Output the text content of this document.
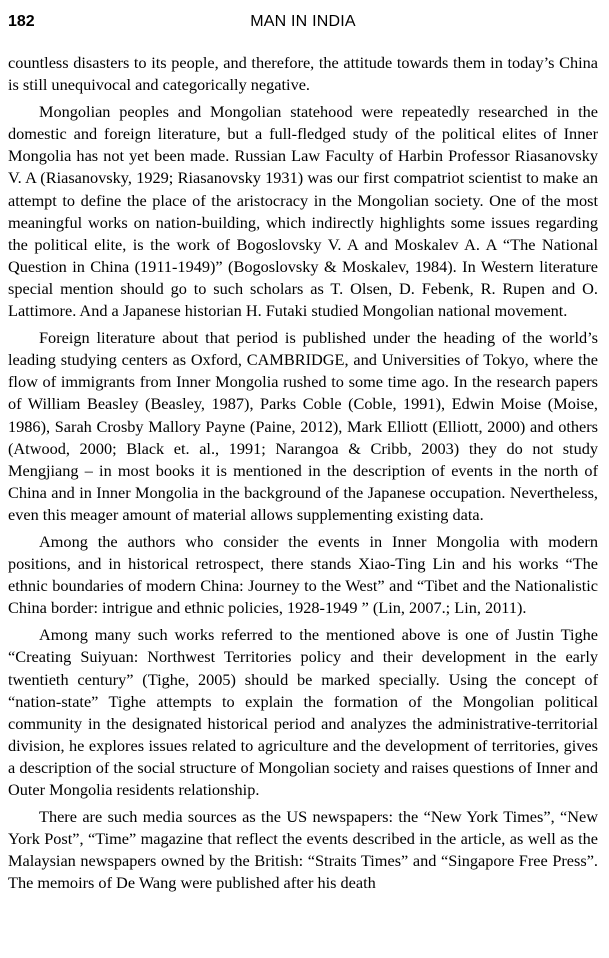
182	MAN IN INDIA

countless disasters to its people, and therefore, the attitude towards them in today’s China is still unequivocal and categorically negative.

Mongolian peoples and Mongolian statehood were repeatedly researched in the domestic and foreign literature, but a full-fledged study of the political elites of Inner Mongolia has not yet been made. Russian Law Faculty of Harbin Professor Riasanovsky V. A (Riasanovsky, 1929; Riasanovsky 1931) was our first compatriot scientist to make an attempt to define the place of the aristocracy in the Mongolian society. One of the most meaningful works on nation-building, which indirectly highlights some issues regarding the political elite, is the work of Bogoslovsky V. A and Moskalev A. A “The National Question in China (1911-1949)” (Bogoslovsky & Moskalev, 1984). In Western literature special mention should go to such scholars as T. Olsen, D. Febenk, R. Rupen and O. Lattimore. And a Japanese historian H. Futaki studied Mongolian national movement.

Foreign literature about that period is published under the heading of the world’s leading studying centers as Oxford, CAMBRIDGE, and Universities of Tokyo, where the flow of immigrants from Inner Mongolia rushed to some time ago. In the research papers of William Beasley (Beasley, 1987), Parks Coble (Coble, 1991), Edwin Moise (Moise, 1986), Sarah Crosby Mallory Payne (Paine, 2012), Mark Elliott (Elliott, 2000) and others (Atwood, 2000; Black et. al., 1991; Narangoa & Cribb, 2003) they do not study Mengjiang – in most books it is mentioned in the description of events in the north of China and in Inner Mongolia in the background of the Japanese occupation. Nevertheless, even this meager amount of material allows supplementing existing data.

Among the authors who consider the events in Inner Mongolia with modern positions, and in historical retrospect, there stands Xiao-Ting Lin and his works “The ethnic boundaries of modern China: Journey to the West” and “Tibet and the Nationalistic China border: intrigue and ethnic policies, 1928-1949 ” (Lin, 2007.; Lin, 2011).

Among many such works referred to the mentioned above is one of Justin Tighe “Creating Suiyuan: Northwest Territories policy and their development in the early twentieth century” (Tighe, 2005) should be marked specially. Using the concept of “nation-state” Tighe attempts to explain the formation of the Mongolian political community in the designated historical period and analyzes the administrative-territorial division, he explores issues related to agriculture and the development of territories, gives a description of the social structure of Mongolian society and raises questions of Inner and Outer Mongolia residents relationship.

There are such media sources as the US newspapers: the “New York Times”, “New York Post”, “Time” magazine that reflect the events described in the article, as well as the Malaysian newspapers owned by the British: “Straits Times” and “Singapore Free Press”. The memoirs of De Wang were published after his death
